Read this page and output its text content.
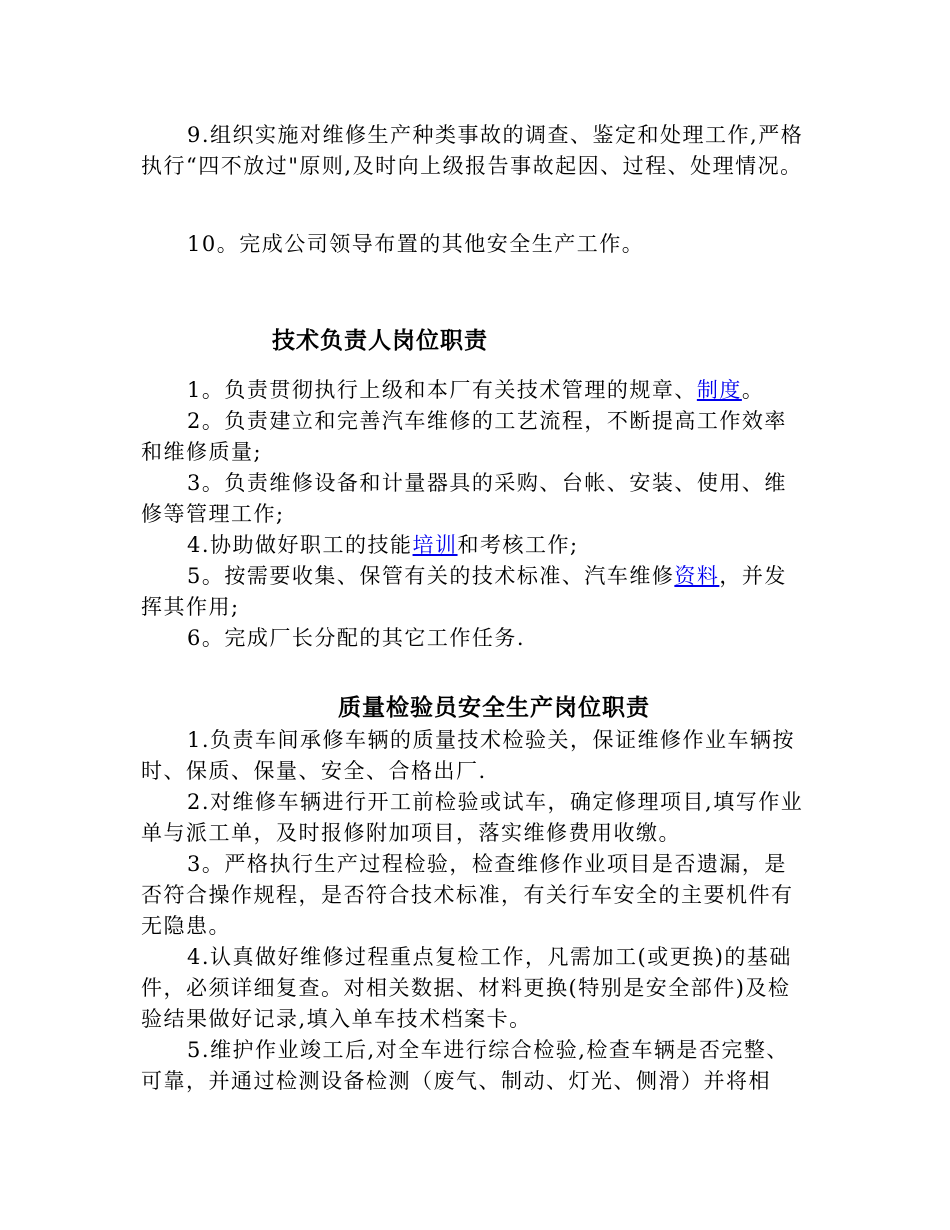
9.组织实施对维修生产种类事故的调查、鉴定和处理工作,严格执行“四不放过"原则,及时向上级报告事故起因、过程、处理情况。

10。完成公司领导布置的其他安全生产工作。

技术负责人岗位职责

1。负责贯彻执行上级和本厂有关技术管理的规章、制度。

2。负责建立和完善汽车维修的工艺流程，不断提高工作效率和维修质量;

3。负责维修设备和计量器具的采购、台帐、安装、使用、维修等管理工作;

4.协助做好职工的技能培训和考核工作;

5。按需要收集、保管有关的技术标准、汽车维修资料，并发挥其作用;

6。完成厂长分配的其它工作任务.

质量检验员安全生产岗位职责

1.负责车间承修车辆的质量技术检验关，保证维修作业车辆按时、保质、保量、安全、合格出厂.

2.对维修车辆进行开工前检验或试车，确定修理项目,填写作业单与派工单，及时报修附加项目，落实维修费用收缴。

3。严格执行生产过程检验，检查维修作业项目是否遗漏，是否符合操作规程，是否符合技术标准，有关行车安全的主要机件有无隐患。

4.认真做好维修过程重点复检工作，凡需加工(或更换)的基础件，必须详细复查。对相关数据、材料更换(特别是安全部件)及检验结果做好记录,填入单车技术档案卡。

5.维护作业竣工后,对全车进行综合检验,检查车辆是否完整、可靠，并通过检测设备检测（废气、制动、灯光、侧滑）并将相
